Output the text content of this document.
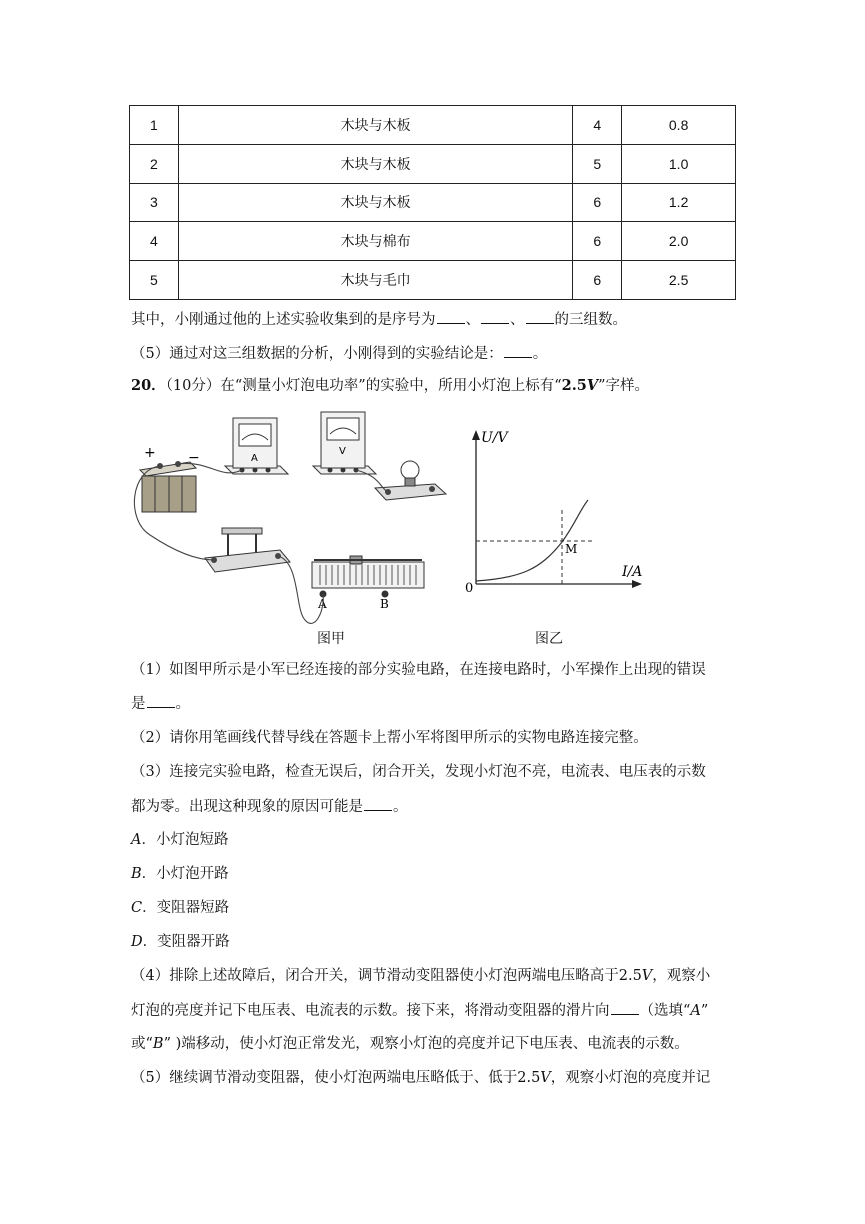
1	木块与木板	4	0.8
2	木块与木板	5	1.0
3	木块与木板	6	1.2
4	木块与棉布	6	2.0
5	木块与毛巾	6	2.5
其中，小刚通过他的上述实验收集到的是序号为 、 、 的三组数。
（5）通过对这三组数据的分析，小刚得到的实验结论是： 。
20．（10分）在“测量小灯泡电功率”的实验中，所用小灯泡上标有“2.5V”字样。
+ −	A
V
A	B
U/V
I/A
0
M
图甲	图乙
（1）如图甲所示是小军已经连接的部分实验电路，在连接电路时，小军操作上出现的错误
是 。
（2）请你用笔画线代替导线在答题卡上帮小军将图甲所示的实物电路连接完整。
（3）连接完实验电路，检查无误后，闭合开关，发现小灯泡不亮，电流表、电压表的示数
都为零。出现这种现象的原因可能是 。
A．小灯泡短路
B．小灯泡开路
C．变阻器短路
D．变阻器开路
（4）排除上述故障后，闭合开关，调节滑动变阻器使小灯泡两端电压略高于2.5V，观察小
灯泡的亮度并记下电压表、电流表的示数。接下来，将滑动变阻器的滑片向 （选填“A”
或“B” )端移动，使小灯泡正常发光，观察小灯泡的亮度并记下电压表、电流表的示数。
（5）继续调节滑动变阻器，使小灯泡两端电压略低于、低于2.5V，观察小灯泡的亮度并记
